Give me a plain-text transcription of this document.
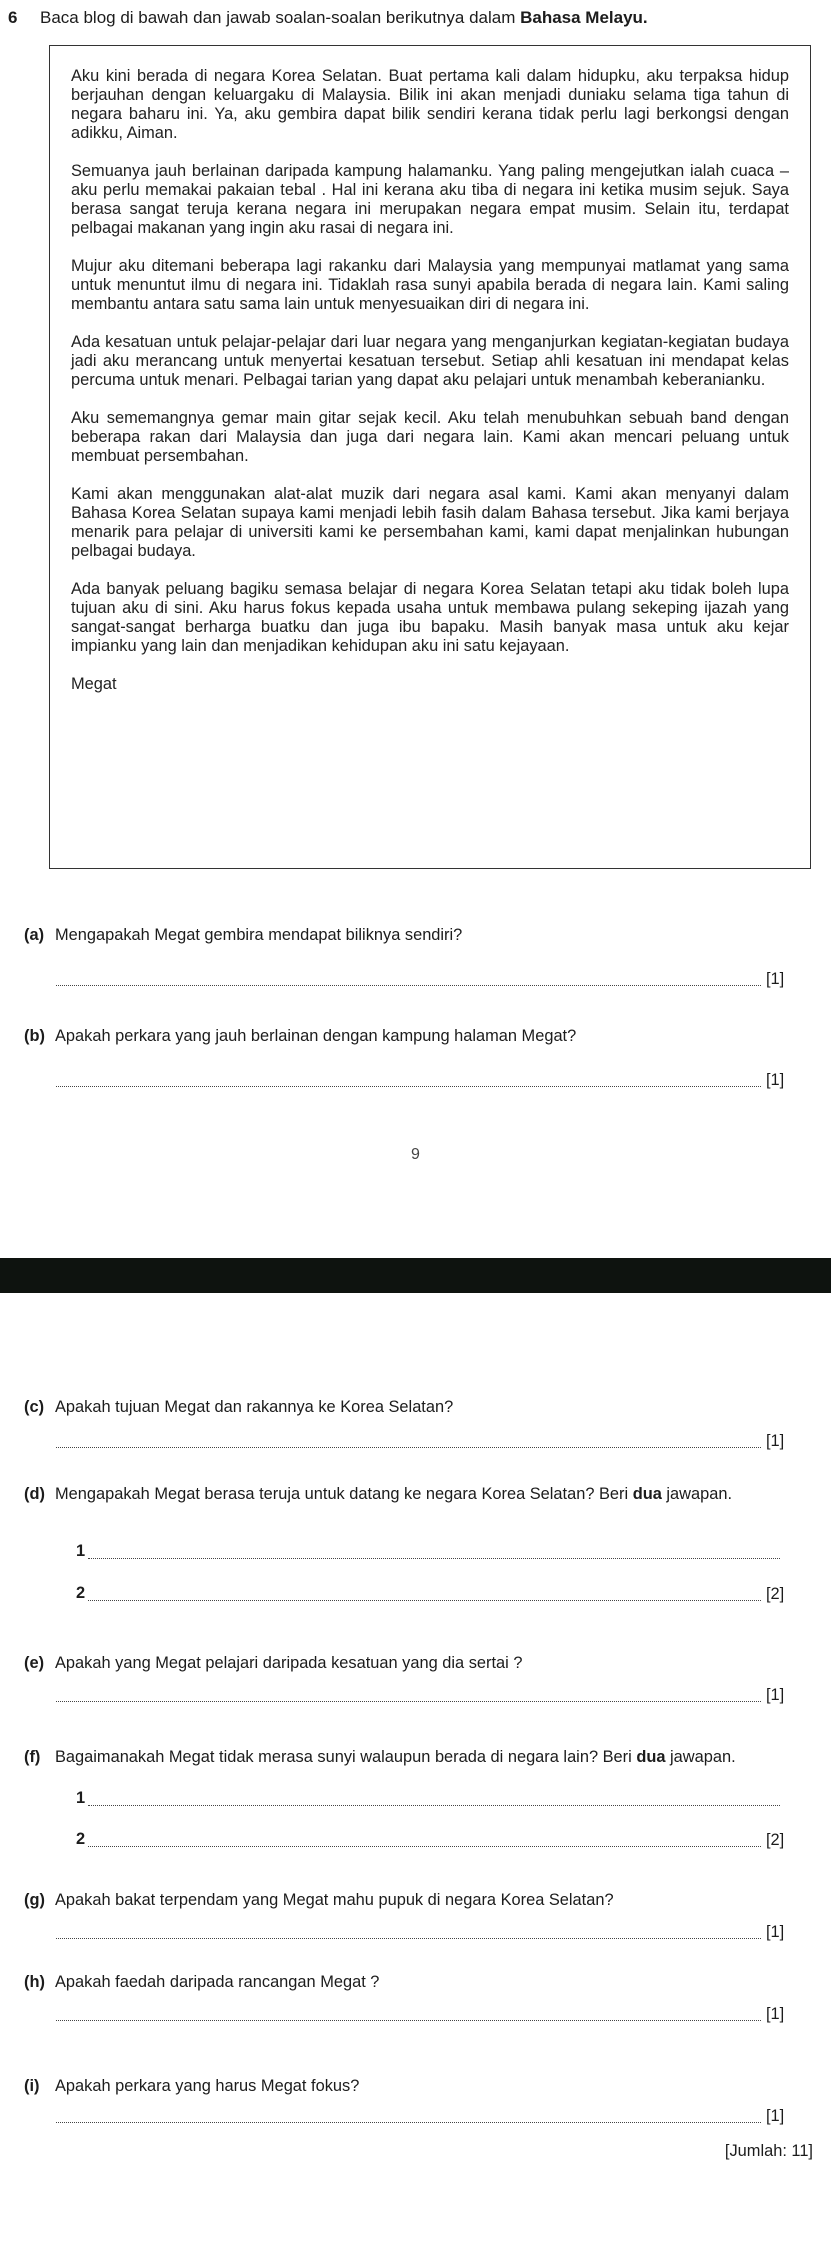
6 Baca blog di bawah dan jawab soalan-soalan berikutnya dalam Bahasa Melayu.

Aku kini berada di negara Korea Selatan. Buat pertama kali dalam hidupku, aku terpaksa hidup berjauhan dengan keluargaku di Malaysia. Bilik ini akan menjadi duniaku selama tiga tahun di negara baharu ini. Ya, aku gembira dapat bilik sendiri kerana tidak perlu lagi berkongsi dengan adikku, Aiman.

Semuanya jauh berlainan daripada kampung halamanku. Yang paling mengejutkan ialah cuaca – aku perlu memakai pakaian tebal . Hal ini kerana aku tiba di negara ini ketika musim sejuk. Saya berasa sangat teruja kerana negara ini merupakan negara empat musim. Selain itu, terdapat pelbagai makanan yang ingin aku rasai di negara ini.

Mujur aku ditemani beberapa lagi rakanku dari Malaysia yang mempunyai matlamat yang sama untuk menuntut ilmu di negara ini. Tidaklah rasa sunyi apabila berada di negara lain. Kami saling membantu antara satu sama lain untuk menyesuaikan diri di negara ini.

Ada kesatuan untuk pelajar-pelajar dari luar negara yang menganjurkan kegiatan-kegiatan budaya jadi aku merancang untuk menyertai kesatuan tersebut. Setiap ahli kesatuan ini mendapat kelas percuma untuk menari. Pelbagai tarian yang dapat aku pelajari untuk menambah keberanianku.

Aku sememangnya gemar main gitar sejak kecil. Aku telah menubuhkan sebuah band dengan beberapa rakan dari Malaysia dan juga dari negara lain. Kami akan mencari peluang untuk membuat persembahan.

Kami akan menggunakan alat-alat muzik dari negara asal kami. Kami akan menyanyi dalam Bahasa Korea Selatan supaya kami menjadi lebih fasih dalam Bahasa tersebut. Jika kami berjaya menarik para pelajar di universiti kami ke persembahan kami, kami dapat menjalinkan hubungan pelbagai budaya.

Ada banyak peluang bagiku semasa belajar di negara Korea Selatan tetapi aku tidak boleh lupa tujuan aku di sini. Aku harus fokus kepada usaha untuk membawa pulang sekeping ijazah yang sangat-sangat berharga buatku dan juga ibu bapaku. Masih banyak masa untuk aku kejar impianku yang lain dan menjadikan kehidupan aku ini satu kejayaan.

Megat

(a) Mengapakah Megat gembira mendapat biliknya sendiri?
[1]
(b) Apakah perkara yang jauh berlainan dengan kampung halaman Megat?
[1]
9
(c) Apakah tujuan Megat dan rakannya ke Korea Selatan?
[1]
(d) Mengapakah Megat berasa teruja untuk datang ke negara Korea Selatan? Beri dua jawapan.
1
2	[2]
(e) Apakah yang Megat pelajari daripada kesatuan yang dia sertai ?
[1]
(f) Bagaimanakah Megat tidak merasa sunyi walaupun berada di negara lain? Beri dua jawapan.
1
2	[2]
(g) Apakah bakat terpendam yang Megat mahu pupuk di negara Korea Selatan?
[1]
(h) Apakah faedah daripada rancangan Megat ?
[1]
(i) Apakah perkara yang harus Megat fokus?
[1]
[Jumlah: 11]
